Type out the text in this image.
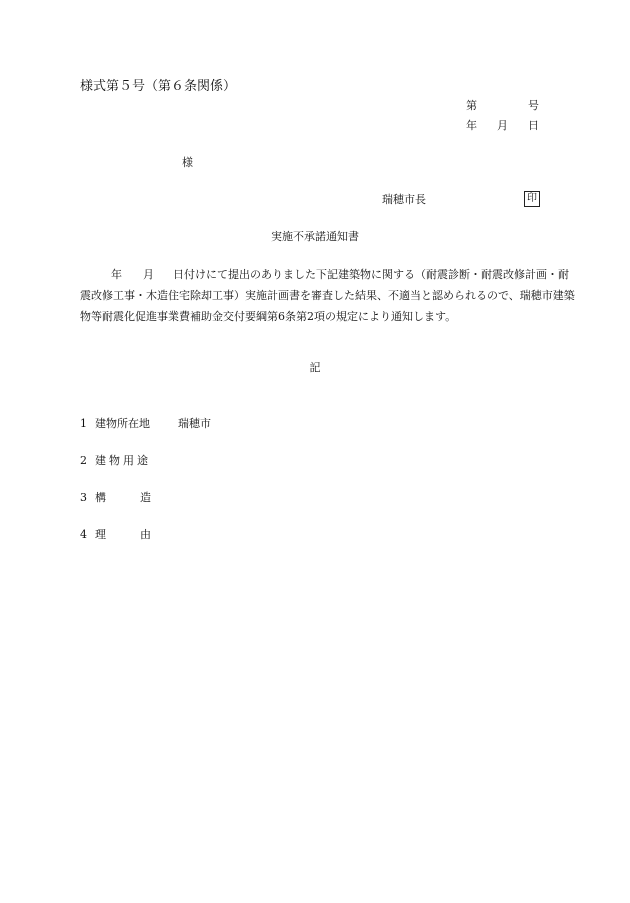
様式第５号（第６条関係）
第	号
年 月 日
様
瑞穂市長	印
実施不承諾通知書
年 月 日付けにて提出のありました下記建築物に関する（耐震診断・耐震改修計画・耐
震改修工事・木造住宅除却工事）実施計画書を審査した結果、不適当と認められるので、瑞穂市建築
物等耐震化促進事業費補助金交付要綱第6条第2項の規定により通知します。
記
1 建物所在地	瑞穂市
2 建物用途
3 構造
4 理由
